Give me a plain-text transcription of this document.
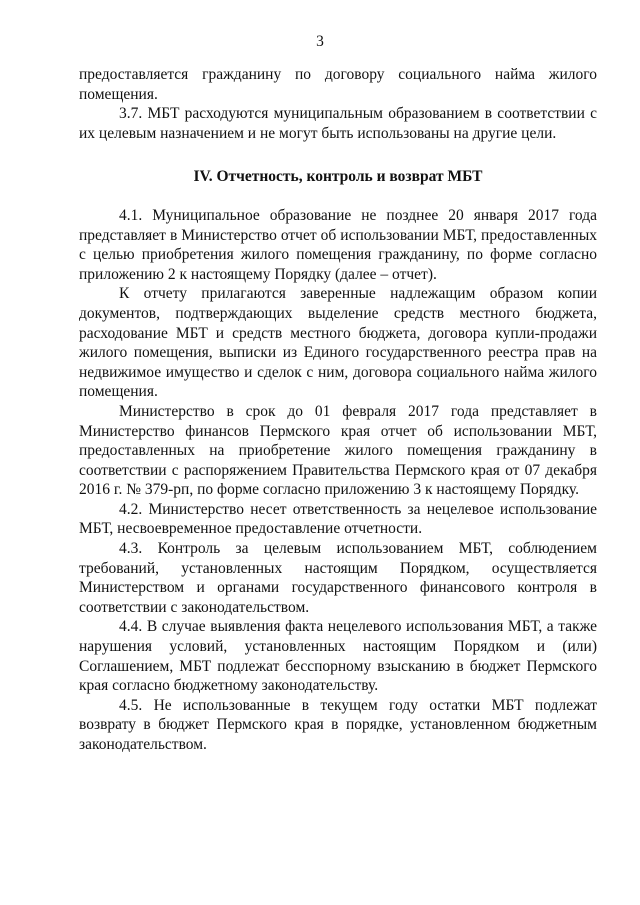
3

предоставляется гражданину по договору социального найма жилого помещения.

3.7. МБТ расходуются муниципальным образованием в соответствии с их целевым назначением и не могут быть использованы на другие цели.

IV. Отчетность, контроль и возврат МБТ

4.1. Муниципальное образование не позднее 20 января 2017 года представляет в Министерство отчет об использовании МБТ, предоставленных с целью приобретения жилого помещения гражданину, по форме согласно приложению 2 к настоящему Порядку (далее – отчет).

К отчету прилагаются заверенные надлежащим образом копии документов, подтверждающих выделение средств местного бюджета, расходование МБТ и средств местного бюджета, договора купли-продажи жилого помещения, выписки из Единого государственного реестра прав на недвижимое имущество и сделок с ним, договора социального найма жилого помещения.

Министерство в срок до 01 февраля 2017 года представляет в Министерство финансов Пермского края отчет об использовании МБТ, предоставленных на приобретение жилого помещения гражданину в соответствии с распоряжением Правительства Пермского края от 07 декабря 2016 г. № 379-рп, по форме согласно приложению 3 к настоящему Порядку.

4.2. Министерство несет ответственность за нецелевое использование МБТ, несвоевременное предоставление отчетности.

4.3. Контроль за целевым использованием МБТ, соблюдением требований, установленных настоящим Порядком, осуществляется Министерством и органами государственного финансового контроля в соответствии с законодательством.

4.4. В случае выявления факта нецелевого использования МБТ, а также нарушения условий, установленных настоящим Порядком и (или) Соглашением, МБТ подлежат бесспорному взысканию в бюджет Пермского края согласно бюджетному законодательству.

4.5. Не использованные в текущем году остатки МБТ подлежат возврату в бюджет Пермского края в порядке, установленном бюджетным законодательством.
